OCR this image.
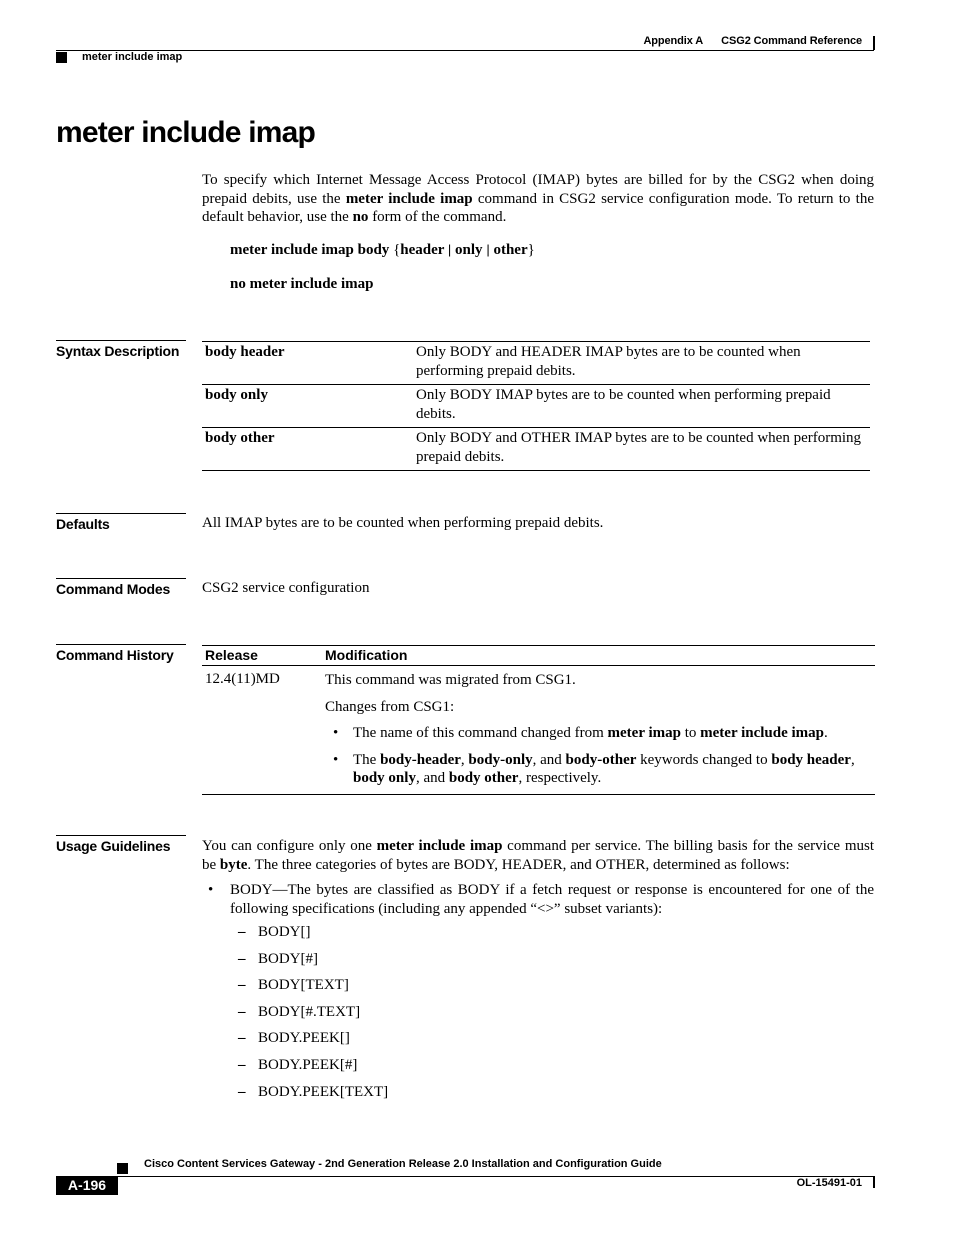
Appendix A CSG2 Command Reference
meter include imap
meter include imap
To specify which Internet Message Access Protocol (IMAP) bytes are billed for by the CSG2 when doing prepaid debits, use the meter include imap command in CSG2 service configuration mode. To return to the default behavior, use the no form of the command.
meter include imap body {header | only | other}
no meter include imap
Syntax Description	body header	Only BODY and HEADER IMAP bytes are to be counted when performing prepaid debits.
body only	Only BODY IMAP bytes are to be counted when performing prepaid debits.
body other	Only BODY and OTHER IMAP bytes are to be counted when performing prepaid debits.
Defaults	All IMAP bytes are to be counted when performing prepaid debits.
Command Modes	CSG2 service configuration
Command History	Release	Modification
12.4(11)MD	This command was migrated from CSG1.

Changes from CSG1:

• The name of this command changed from meter imap to meter include imap.
• The body-header, body-only, and body-other keywords changed to body header, body only, and body other, respectively.
Usage Guidelines	You can configure only one meter include imap command per service. The billing basis for the service must be byte. The three categories of bytes are BODY, HEADER, and OTHER, determined as follows:

• BODY—The bytes are classified as BODY if a fetch request or response is encountered for one of the following specifications (including any appended “<>” subset variants):
– BODY[]
– BODY[#]
– BODY[TEXT]
– BODY[#.TEXT]
– BODY.PEEK[]
– BODY.PEEK[#]
– BODY.PEEK[TEXT]
Cisco Content Services Gateway - 2nd Generation Release 2.0 Installation and Configuration Guide
A-196	OL-15491-01
